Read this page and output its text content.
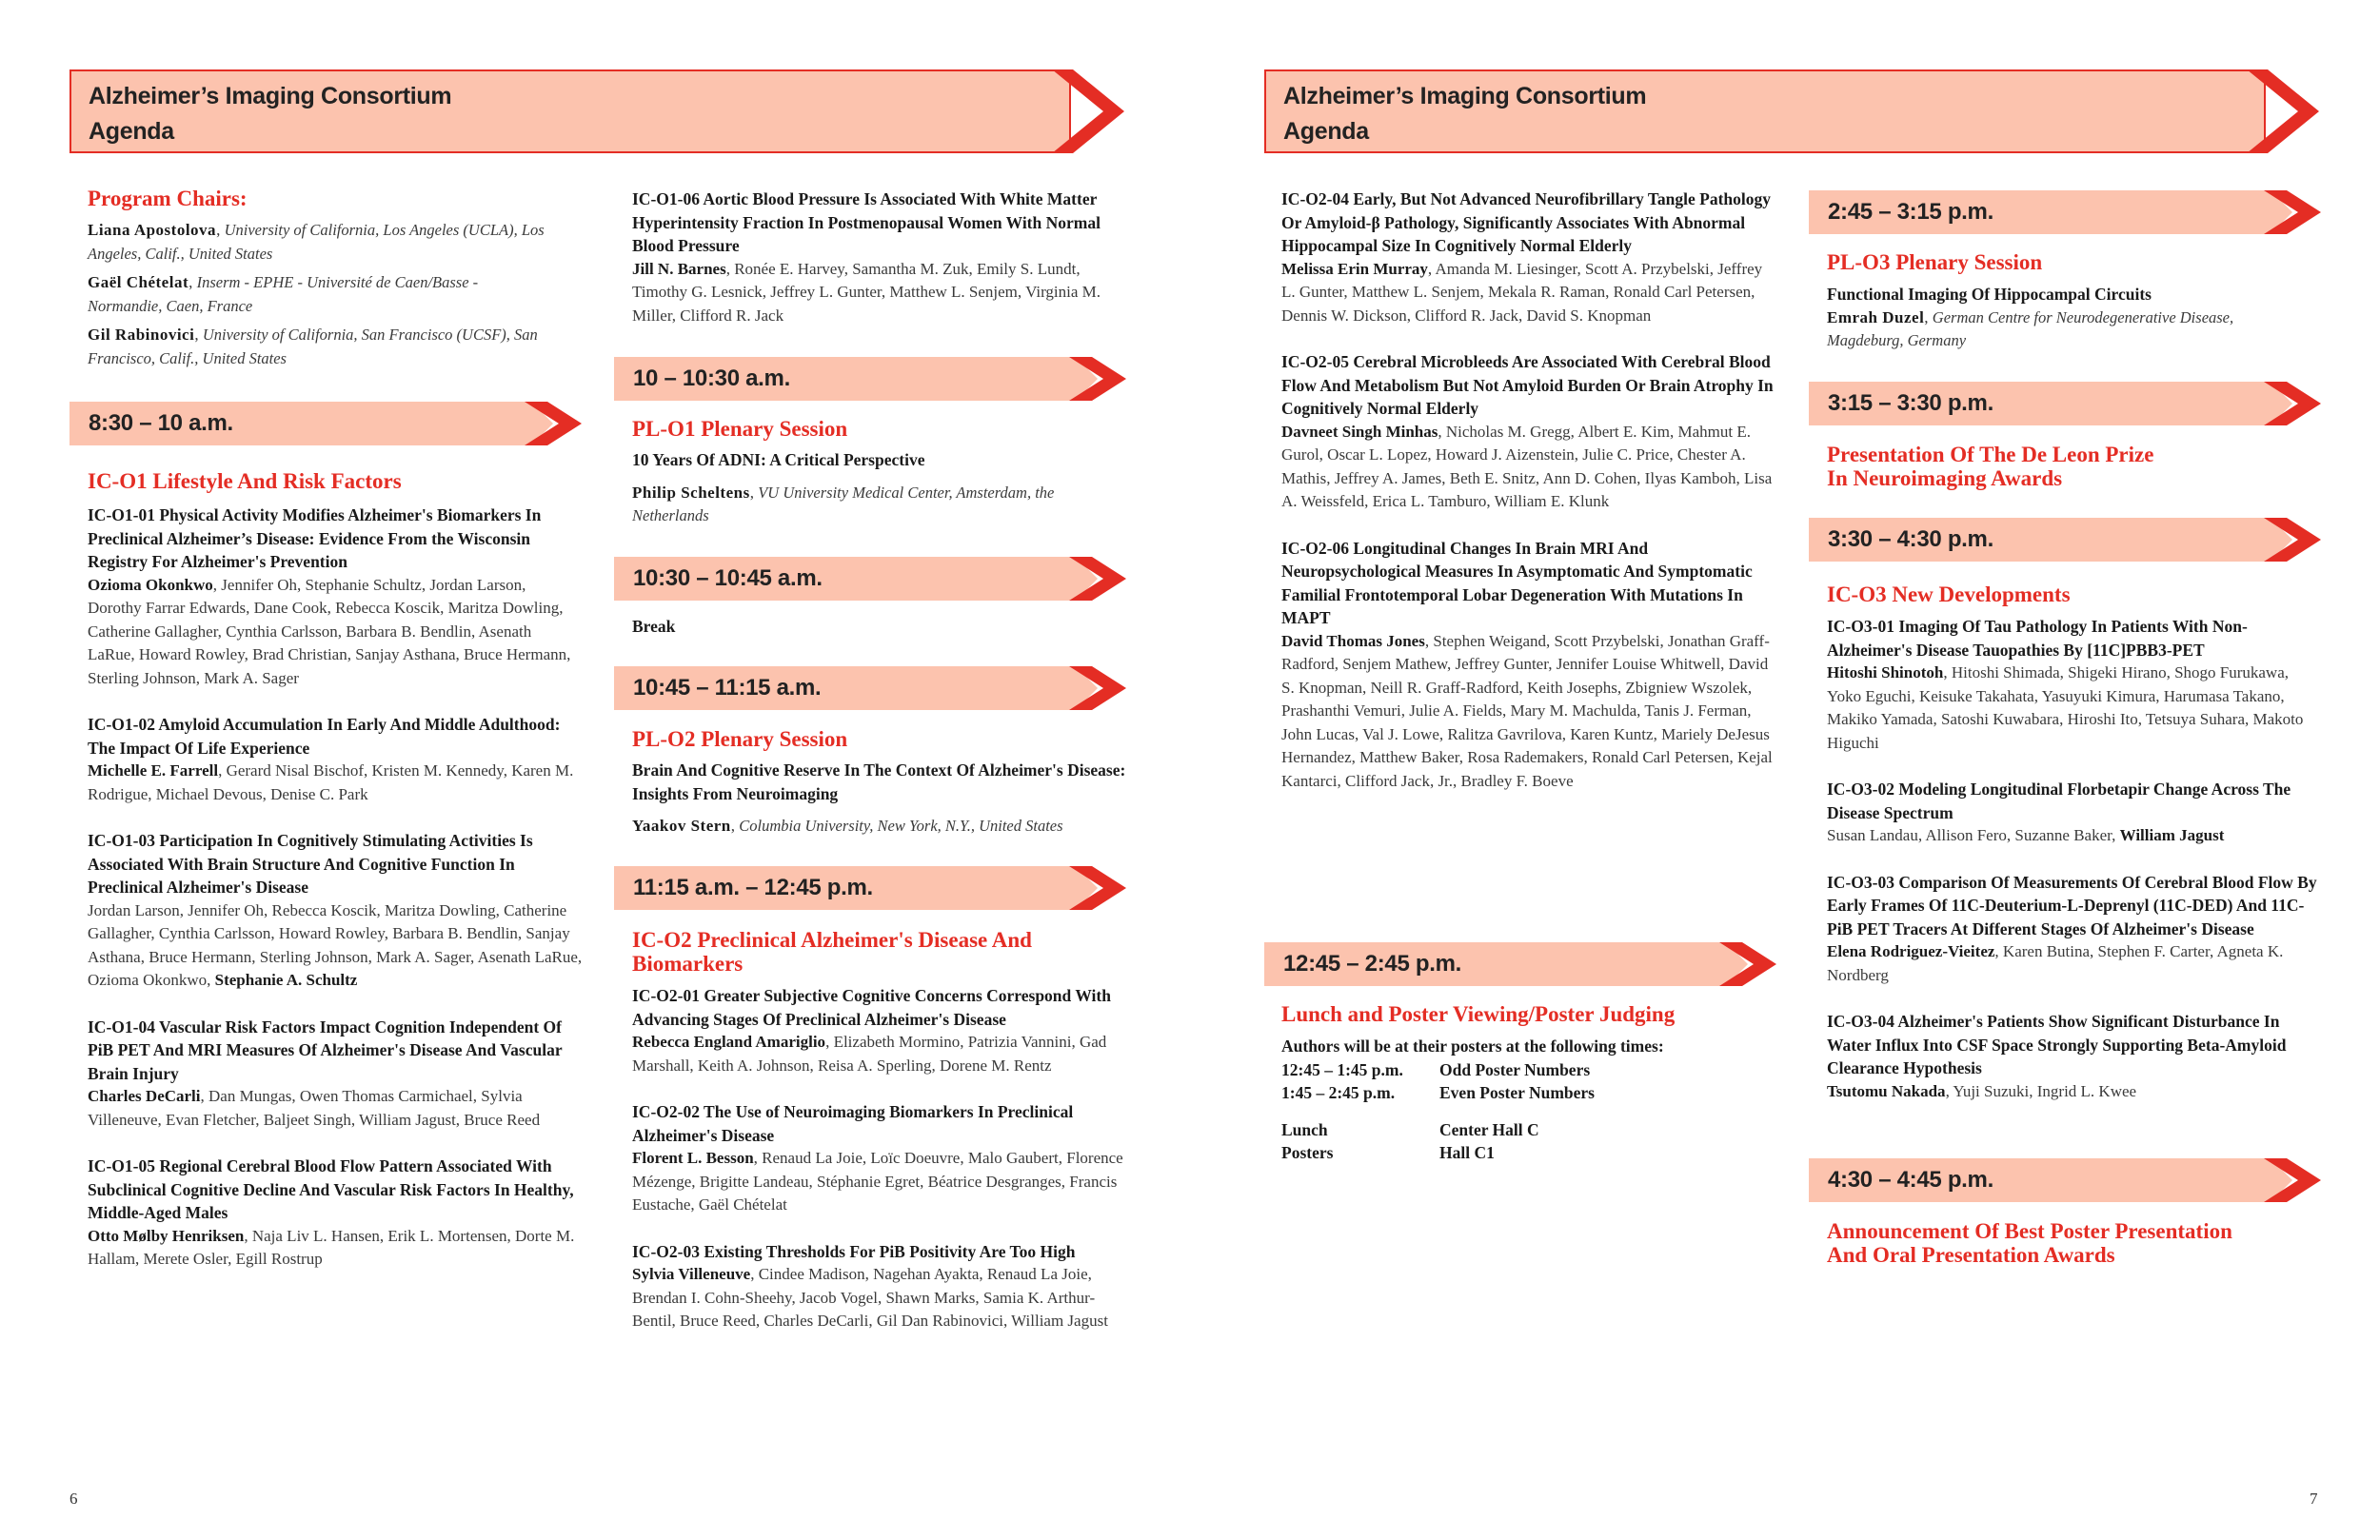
Alzheimer’s Imaging Consortium
Agenda
Program Chairs:
Liana Apostolova, University of California, Los Angeles (UCLA), Los Angeles, Calif., United States
Gaël Chételat, Inserm - EPHE - Université de Caen/Basse - Normandie, Caen, France
Gil Rabinovici, University of California, San Francisco (UCSF), San Francisco, Calif., United States
8:30 – 10 a.m.
IC-O1 Lifestyle And Risk Factors
IC-O1-01 Physical Activity Modifies Alzheimer's Biomarkers In Preclinical Alzheimer’s Disease: Evidence From the Wisconsin Registry For Alzheimer's Prevention
Ozioma Okonkwo, Jennifer Oh, Stephanie Schultz, Jordan Larson, Dorothy Farrar Edwards, Dane Cook, Rebecca Koscik, Maritza Dowling, Catherine Gallagher, Cynthia Carlsson, Barbara B. Bendlin, Asenath LaRue, Howard Rowley, Brad Christian, Sanjay Asthana, Bruce Hermann, Sterling Johnson, Mark A. Sager
IC-O1-02 Amyloid Accumulation In Early And Middle Adulthood: The Impact Of Life Experience
Michelle E. Farrell, Gerard Nisal Bischof, Kristen M. Kennedy, Karen M. Rodrigue, Michael Devous, Denise C. Park
IC-O1-03 Participation In Cognitively Stimulating Activities Is Associated With Brain Structure And Cognitive Function In Preclinical Alzheimer's Disease
Jordan Larson, Jennifer Oh, Rebecca Koscik, Maritza Dowling, Catherine Gallagher, Cynthia Carlsson, Howard Rowley, Barbara B. Bendlin, Sanjay Asthana, Bruce Hermann, Sterling Johnson, Mark A. Sager, Asenath LaRue, Ozioma Okonkwo, Stephanie A. Schultz
IC-O1-04 Vascular Risk Factors Impact Cognition Independent Of PiB PET And MRI Measures Of Alzheimer's Disease And Vascular Brain Injury
Charles DeCarli, Dan Mungas, Owen Thomas Carmichael, Sylvia Villeneuve, Evan Fletcher, Baljeet Singh, William Jagust, Bruce Reed
IC-O1-05 Regional Cerebral Blood Flow Pattern Associated With Subclinical Cognitive Decline And Vascular Risk Factors In Healthy, Middle-Aged Males
Otto Mølby Henriksen, Naja Liv L. Hansen, Erik L. Mortensen, Dorte M. Hallam, Merete Osler, Egill Rostrup
IC-O1-06 Aortic Blood Pressure Is Associated With White Matter Hyperintensity Fraction In Postmenopausal Women With Normal Blood Pressure
Jill N. Barnes, Ronée E. Harvey, Samantha M. Zuk, Emily S. Lundt, Timothy G. Lesnick, Jeffrey L. Gunter, Matthew L. Senjem, Virginia M. Miller, Clifford R. Jack
10 – 10:30 a.m.
PL-O1 Plenary Session
10 Years Of ADNI: A Critical Perspective
Philip Scheltens, VU University Medical Center, Amsterdam, the Netherlands
10:30 – 10:45 a.m.
Break
10:45 – 11:15 a.m.
PL-O2 Plenary Session
Brain And Cognitive Reserve In The Context Of Alzheimer's Disease: Insights From Neuroimaging
Yaakov Stern, Columbia University, New York, N.Y., United States
11:15 a.m. – 12:45 p.m.
IC-O2 Preclinical Alzheimer's Disease And Biomarkers
IC-O2-01 Greater Subjective Cognitive Concerns Correspond With Advancing Stages Of Preclinical Alzheimer's Disease
Rebecca England Amariglio, Elizabeth Mormino, Patrizia Vannini, Gad Marshall, Keith A. Johnson, Reisa A. Sperling, Dorene M. Rentz
IC-O2-02 The Use of Neuroimaging Biomarkers In Preclinical Alzheimer's Disease
Florent L. Besson, Renaud La Joie, Loïc Doeuvre, Malo Gaubert, Florence Mézenge, Brigitte Landeau, Stéphanie Egret, Béatrice Desgranges, Francis Eustache, Gaël Chételat
IC-O2-03 Existing Thresholds For PiB Positivity Are Too High
Sylvia Villeneuve, Cindee Madison, Nagehan Ayakta, Renaud La Joie, Brendan I. Cohn-Sheehy, Jacob Vogel, Shawn Marks, Samia K. Arthur-Bentil, Bruce Reed, Charles DeCarli, Gil Dan Rabinovici, William Jagust
6
Alzheimer’s Imaging Consortium
Agenda
IC-O2-04 Early, But Not Advanced Neurofibrillary Tangle Pathology Or Amyloid-β Pathology, Significantly Associates With Abnormal Hippocampal Size In Cognitively Normal Elderly
Melissa Erin Murray, Amanda M. Liesinger, Scott A. Przybelski, Jeffrey L. Gunter, Matthew L. Senjem, Mekala R. Raman, Ronald Carl Petersen, Dennis W. Dickson, Clifford R. Jack, David S. Knopman
IC-O2-05 Cerebral Microbleeds Are Associated With Cerebral Blood Flow And Metabolism But Not Amyloid Burden Or Brain Atrophy In Cognitively Normal Elderly
Davneet Singh Minhas, Nicholas M. Gregg, Albert E. Kim, Mahmut E. Gurol, Oscar L. Lopez, Howard J. Aizenstein, Julie C. Price, Chester A. Mathis, Jeffrey A. James, Beth E. Snitz, Ann D. Cohen, Ilyas Kamboh, Lisa A. Weissfeld, Erica L. Tamburo, William E. Klunk
IC-O2-06 Longitudinal Changes In Brain MRI And Neuropsychological Measures In Asymptomatic And Symptomatic Familial Frontotemporal Lobar Degeneration With Mutations In MAPT
David Thomas Jones, Stephen Weigand, Scott Przybelski, Jonathan Graff-Radford, Senjem Mathew, Jeffrey Gunter, Jennifer Louise Whitwell, David S. Knopman, Neill R. Graff-Radford, Keith Josephs, Zbigniew Wszolek, Prashanthi Vemuri, Julie A. Fields, Mary M. Machulda, Tanis J. Ferman, John Lucas, Val J. Lowe, Ralitza Gavrilova, Karen Kuntz, Mariely DeJesus Hernandez, Matthew Baker, Rosa Rademakers, Ronald Carl Petersen, Kejal Kantarci, Clifford Jack, Jr., Bradley F. Boeve
12:45 – 2:45 p.m.
Lunch and Poster Viewing/Poster Judging
Authors will be at their posters at the following times:
12:45 – 1:45 p.m.	Odd Poster Numbers
1:45 – 2:45 p.m.	Even Poster Numbers
Lunch	Center Hall C
Posters	Hall C1
2:45 – 3:15 p.m.
PL-O3 Plenary Session
Functional Imaging Of Hippocampal Circuits
Emrah Duzel, German Centre for Neurodegenerative Disease, Magdeburg, Germany
3:15 – 3:30 p.m.
Presentation Of The De Leon Prize
In Neuroimaging Awards
3:30 – 4:30 p.m.
IC-O3 New Developments
IC-O3-01 Imaging Of Tau Pathology In Patients With Non-Alzheimer's Disease Tauopathies By [11C]PBB3-PET
Hitoshi Shinotoh, Hitoshi Shimada, Shigeki Hirano, Shogo Furukawa, Yoko Eguchi, Keisuke Takahata, Yasuyuki Kimura, Harumasa Takano, Makiko Yamada, Satoshi Kuwabara, Hiroshi Ito, Tetsuya Suhara, Makoto Higuchi
IC-O3-02 Modeling Longitudinal Florbetapir Change Across The Disease Spectrum
Susan Landau, Allison Fero, Suzanne Baker, William Jagust
IC-O3-03 Comparison Of Measurements Of Cerebral Blood Flow By Early Frames Of 11C-Deuterium-L-Deprenyl (11C-DED) And 11C-PiB PET Tracers At Different Stages Of Alzheimer's Disease
Elena Rodriguez-Vieitez, Karen Butina, Stephen F. Carter, Agneta K. Nordberg
IC-O3-04 Alzheimer's Patients Show Significant Disturbance In Water Influx Into CSF Space Strongly Supporting Beta-Amyloid Clearance Hypothesis
Tsutomu Nakada, Yuji Suzuki, Ingrid L. Kwee
4:30 – 4:45 p.m.
Announcement Of Best Poster Presentation
And Oral Presentation Awards
7
